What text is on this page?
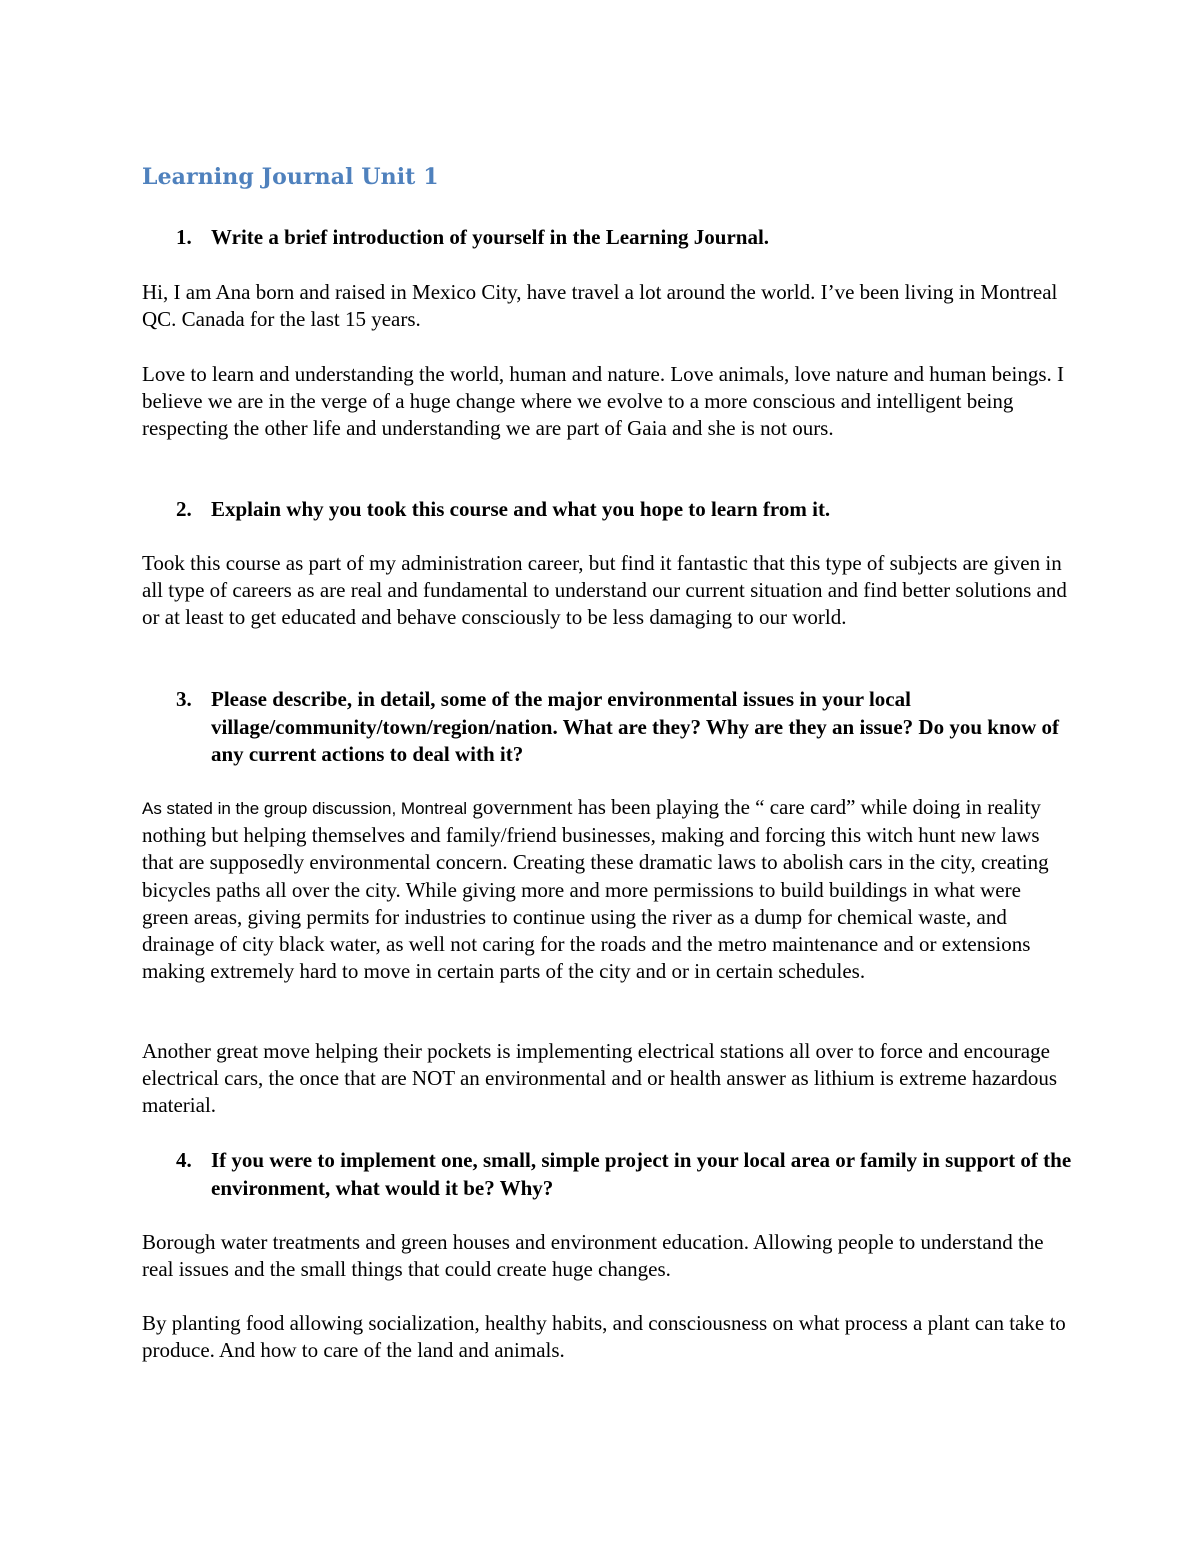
Learning Journal Unit 1
1. Write a brief introduction of yourself in the Learning Journal.

Hi, I am Ana born and raised in Mexico City, have travel a lot around the world. I’ve been living in Montreal QC. Canada for the last 15 years.

Love to learn and understanding the world, human and nature. Love animals, love nature and human beings. I believe we are in the verge of a huge change where we evolve to a more conscious and intelligent being respecting the other life and understanding we are part of Gaia and she is not ours.

2. Explain why you took this course and what you hope to learn from it.

Took this course as part of my administration career, but find it fantastic that this type of subjects are given in all type of careers as are real and fundamental to understand our current situation and find better solutions and or at least to get educated and behave consciously to be less damaging to our world.

3. Please describe, in detail, some of the major environmental issues in your local village/community/town/region/nation. What are they? Why are they an issue? Do you know of any current actions to deal with it?

As stated in the group discussion, Montreal government has been playing the “ care card” while doing in reality nothing but helping themselves and family/friend businesses, making and forcing this witch hunt new laws that are supposedly environmental concern. Creating these dramatic laws to abolish cars in the city, creating bicycles paths all over the city. While giving more and more permissions to build buildings in what were green areas, giving permits for industries to continue using the river as a dump for chemical waste, and drainage of city black water, as well not caring for the roads and the metro maintenance and or extensions making extremely hard to move in certain parts of the city and or in certain schedules.

Another great move helping their pockets is implementing electrical stations all over to force and encourage electrical cars, the once that are NOT an environmental and or health answer as lithium is extreme hazardous material.

4. If you were to implement one, small, simple project in your local area or family in support of the environment, what would it be? Why?

Borough water treatments and green houses and environment education. Allowing people to understand the real issues and the small things that could create huge changes.

By planting food allowing socialization, healthy habits, and consciousness on what process a plant can take to produce. And how to care of the land and animals.
